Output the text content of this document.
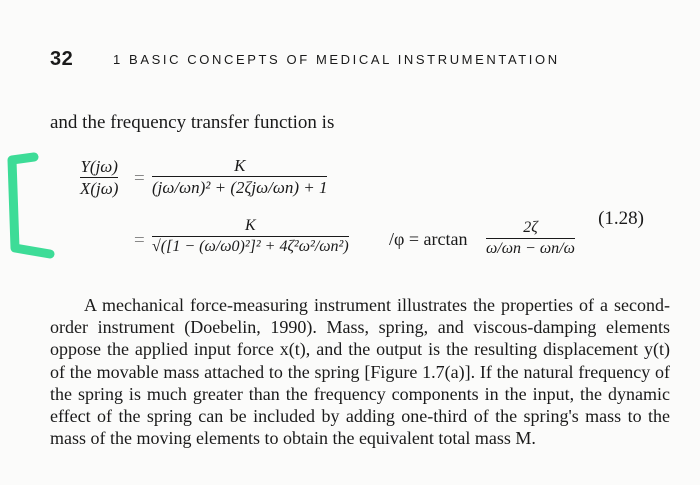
32	1 BASIC CONCEPTS OF MEDICAL INSTRUMENTATION
and the frequency transfer function is
Y(jω)
X(jω) =
K
(jω/ωn)² + (2ζjω/ωn) + 1
=
K
√([1 − (ω/ω0)²]² + 4ζ²ω²/ωn²) /φ = arctan
2ζ
ω/ωn − ωn/ω
(1.28)

A mechanical force-measuring instrument illustrates the properties of a second-order instrument (Doebelin, 1990). Mass, spring, and viscous-damping elements oppose the applied input force x(t), and the output is the resulting displacement y(t) of the movable mass attached to the spring [Figure 1.7(a)]. If the natural frequency of the spring is much greater than the frequency components in the input, the dynamic effect of the spring can be included by adding one-third of the spring's mass to the mass of the moving elements to obtain the equivalent total mass M.
